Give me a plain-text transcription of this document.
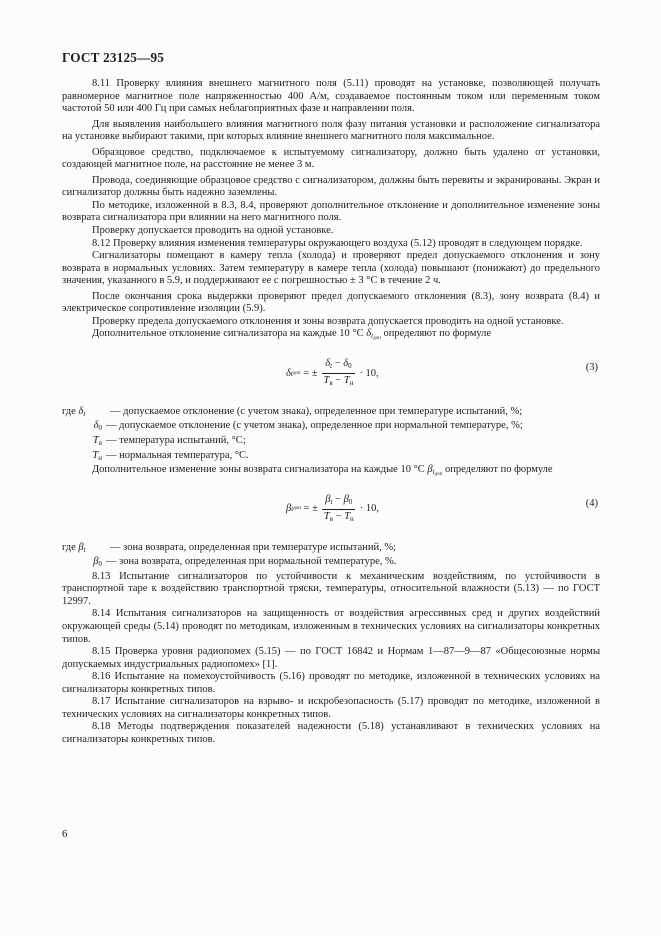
ГОСТ 23125—95

8.11 Проверку влияния внешнего магнитного поля (5.11) проводят на установке, позволяющей получать равномерное магнитное поле напряженностью 400 А/м, создаваемое постоянным током или переменным током частотой 50 или 400 Гц при самых неблагоприятных фазе и направлении поля.

Для выявления наибольшего влияния магнитного поля фазу питания установки и расположение сигнализатора на установке выбирают такими, при которых влияние внешнего магнитного поля максимальное.

Образцовое средство, подключаемое к испытуемому сигнализатору, должно быть удалено от установки, создающей магнитное поле, на расстояние не менее 3 м.

Провода, соединяющие образцовое средство с сигнализатором, должны быть перевиты и экранированы. Экран и сигнализатор должны быть надежно заземлены.

По методике, изложенной в 8.3, 8.4, проверяют дополнительное отклонение и дополнительное изменение зоны возврата сигнализатора при влиянии на него магнитного поля.

Проверку допускается проводить на одной установке.

8.12 Проверку влияния изменения температуры окружающего воздуха (5.12) проводят в следующем порядке.

Сигнализаторы помещают в камеру тепла (холода) и проверяют предел допускаемого отклонения и зону возврата в нормальных условиях. Затем температуру в камере тепла (холода) повышают (понижают) до предельного значения, указанного в 5.9, и поддерживают ее с погрешностью ± 3 °С в течение 2 ч.

После окончания срока выдержки проверяют предел допускаемого отклонения (8.3), зону возврата (8.4) и электрическое сопротивление изоляции (5.9).

Проверку предела допускаемого отклонения и зоны возврата допускается проводить на одной установке.

Дополнительное отклонение сигнализатора на каждые 10 °С $\delta_{tдоп}$ определяют по формуле

δ t доп
=
± $\frac{\delta_t - \delta_0}{T_в - T_н} \cdot 10$,
(3)
где $\delta_t$	— допускаемое отклонение (с учетом знака), определенное при температуре испытаний, %;
$\delta_0$ — допускаемое отклонение (с учетом знака), определенное при нормальной температуре, %;
$T_в$ — температура испытаний, °С;
$T_н$ — нормальная температура, °С.

Дополнительное изменение зоны возврата сигнализатора на каждые 10 °С $\beta_{tдоп}$ определяют по формуле

β t доп
=
± $\frac{\beta_t - \beta_0}{T_в - T_н} \cdot 10$,
(4)
где $\beta_t$	— зона возврата, определенная при температуре испытаний, %;
$\beta_0$ — зона возврата, определенная при нормальной температуре, %.

8.13 Испытание сигнализаторов по устойчивости к механическим воздействиям, по устойчивости в транспортной таре к воздействию транспортной тряски, температуры, относительной влажности (5.13) — по ГОСТ 12997.

8.14 Испытания сигнализаторов на защищенность от воздействия агрессивных сред и других воздействий окружающей среды (5.14) проводят по методикам, изложенным в технических условиях на сигнализаторы конкретных типов.

8.15 Проверка уровня радиопомех (5.15) — по ГОСТ 16842 и Нормам 1—87—9—87 «Общесоюзные нормы допускаемых индустриальных радиопомех» [1].

8.16 Испытание на помехоустойчивость (5.16) проводят по методике, изложенной в технических условиях на сигнализаторы конкретных типов.

8.17 Испытание сигнализаторов на взрыво- и искробезопасность (5.17) проводят по методике, изложенной в технических условиях на сигнализаторы конкретных типов.

8.18 Методы подтверждения показателей надежности (5.18) устанавливают в технических условиях на сигнализаторы конкретных типов.

6
